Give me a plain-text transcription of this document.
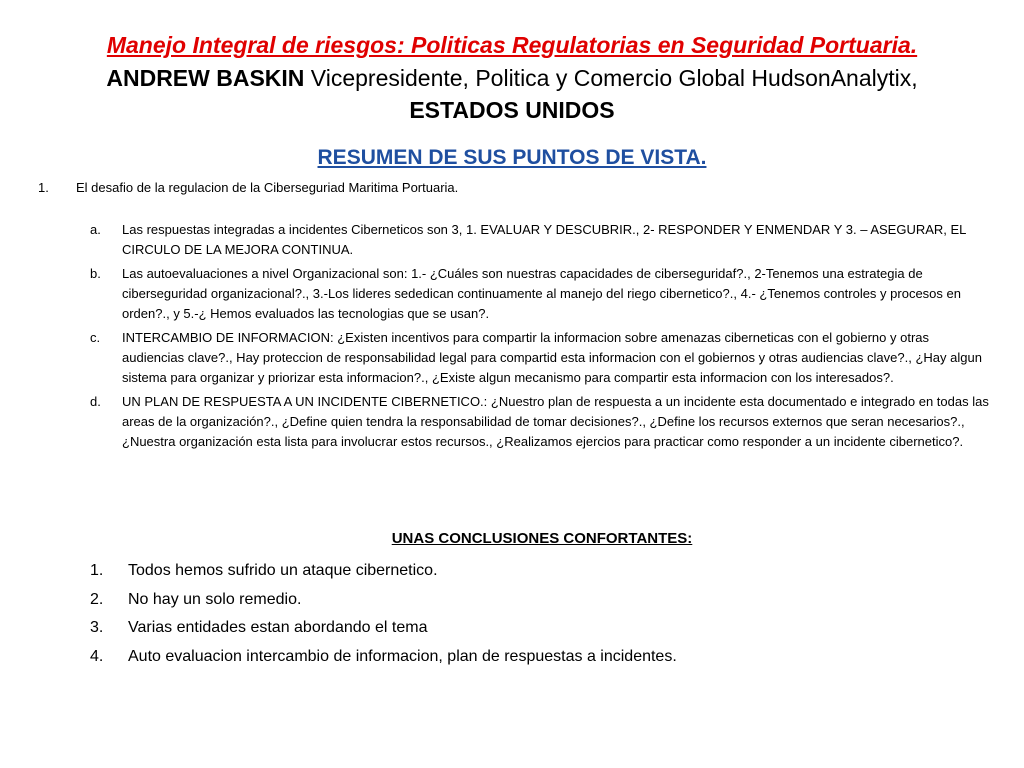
Manejo Integral de riesgos: Politicas Regulatorias en Seguridad Portuaria.
ANDREW BASKIN Vicepresidente, Politica y Comercio Global HudsonAnalytix,
ESTADOS UNIDOS
RESUMEN DE SUS PUNTOS DE VISTA.
1. El desafio de la regulacion de la Ciberseguriad Maritima Portuaria.
a.	Las respuestas integradas a incidentes Ciberneticos son 3, 1. EVALUAR Y DESCUBRIR., 2- RESPONDER Y ENMENDAR Y 3. – ASEGURAR, EL CIRCULO DE LA MEJORA CONTINUA.
b.	Las autoevaluaciones a nivel Organizacional son: 1.- ¿Cuáles son nuestras capacidades de ciberseguridaf?., 2-Tenemos una estrategia de ciberseguridad organizacional?., 3.-Los lideres sededican continuamente al manejo del riego cibernetico?., 4.- ¿Tenemos controles y procesos en orden?., y 5.-¿ Hemos evaluados las tecnologias que se usan?.
c.	INTERCAMBIO DE INFORMACION: ¿Existen incentivos para compartir la informacion sobre amenazas ciberneticas con el gobierno y otras audiencias clave?., Hay proteccion de responsabilidad legal para compartid esta informacion con el gobiernos y otras audiencias clave?., ¿Hay algun sistema para organizar y priorizar esta informacion?., ¿Existe algun mecanismo para compartir esta informacion con los interesados?.
d.	UN PLAN DE RESPUESTA A UN INCIDENTE CIBERNETICO.: ¿Nuestro plan de respuesta a un incidente esta documentado e integrado en todas las areas de la organización?., ¿Define quien tendra la responsabilidad de tomar decisiones?., ¿Define los recursos externos que seran necesarios?., ¿Nuestra organización esta lista para involucrar estos recursos., ¿Realizamos ejercios para practicar como responder a un incidente cibernetico?.
UNAS CONCLUSIONES CONFORTANTES:
1.	Todos hemos sufrido un ataque cibernetico.
2.	No hay un solo remedio.
3.	Varias entidades estan abordando el tema
4.	Auto evaluacion intercambio de informacion, plan de respuestas a incidentes.
